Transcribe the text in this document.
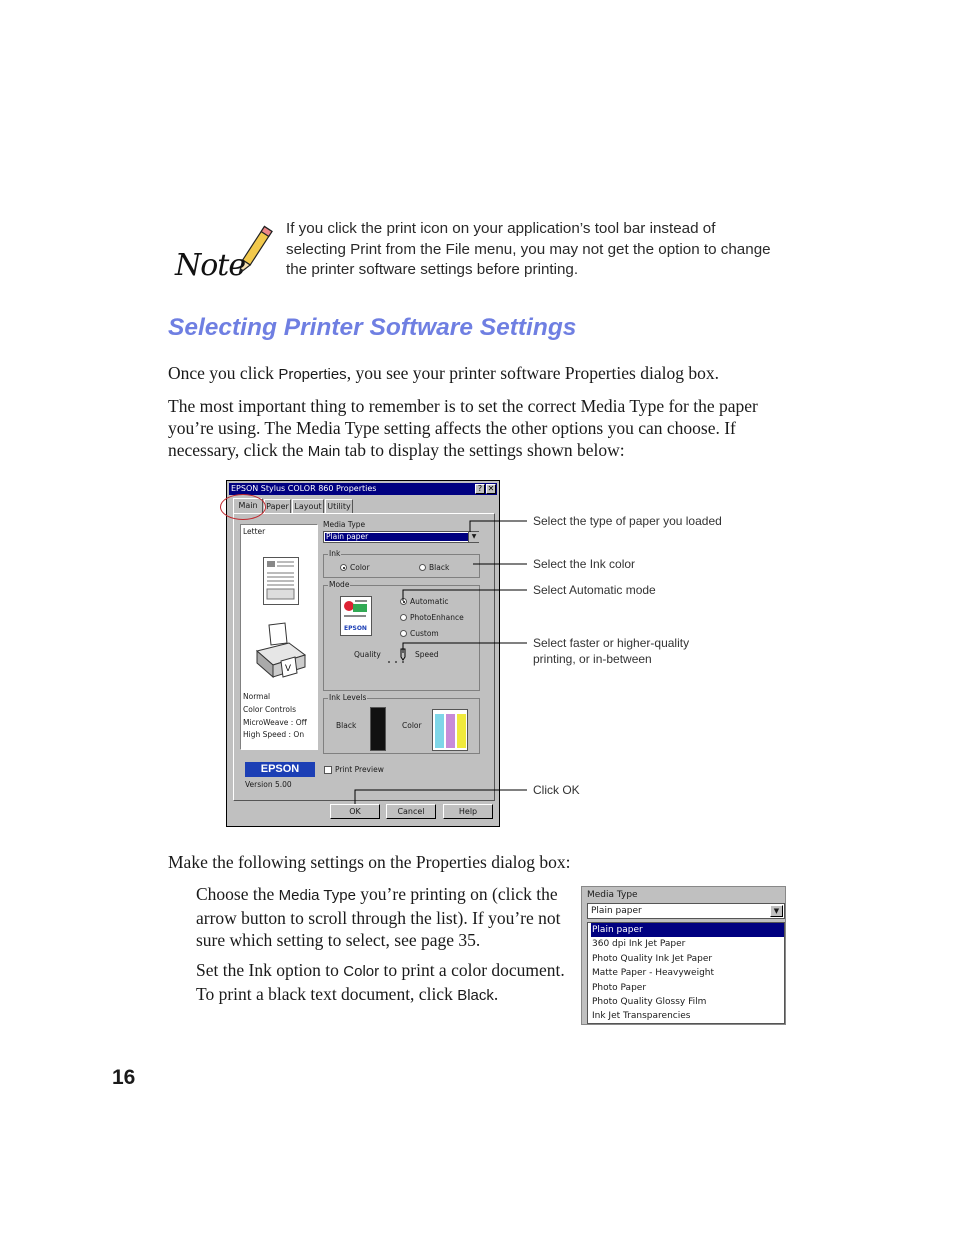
Note
If you click the print icon on your application’s tool bar instead of selecting Print from the File menu, you may not get the option to change the printer software settings before printing.
Selecting Printer Software Settings
Once you click Properties, you see your printer software Properties dialog box.
The most important thing to remember is to set the correct Media Type for the paper you’re using. The Media Type setting affects the other options you can choose. If necessary, click the Main tab to display the settings shown below:
EPSON Stylus COLOR 860 Properties	? ✕
Main	Paper Layout Utility
Letter
V
Normal
Color Controls
MicroWeave : Off
High Speed : On
Media Type
Plain paper	▼
Ink
Color	Black
Mode
EPSON
Automatic
PhotoEnhance
Custom
Quality	Speed
Ink Levels
Black	Color
EPSON
Version 5.00
Print Preview
OK	Cancel	Help
Select the type of paper you loaded
Select the Ink color
Select Automatic mode
Select faster or higher-quality
printing, or in-between
Click OK
Make the following settings on the Properties dialog box:
Choose the Media Type you’re printing on (click the arrow button to scroll through the list). If you’re not sure which setting to select, see page 35.
Set the Ink option to Color to print a color document. To print a black text document, click Black.
Media Type
Plain paper	▼
Plain paper
360 dpi Ink Jet Paper
Photo Quality Ink Jet Paper
Matte Paper - Heavyweight
Photo Paper
Photo Quality Glossy Film
Ink Jet Transparencies
16
